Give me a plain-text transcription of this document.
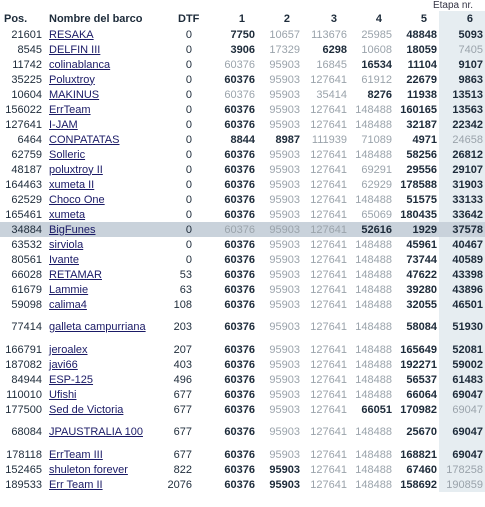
							Etapa nr.	
Pos.	Nombre del barco	DTF	1	2	3	4	5	6
21601	RESAKA	0	7750	10657	113676	25985	48848	5093
8545	DELFIN III	0	3906	17329	6298	10608	18059	7405
11742	colinablanca	0	60376	95903	16845	16534	11104	9107
35225	Poluxtroy	0	60376	95903	127641	61912	22679	9863
10604	MAKINUS	0	60376	95903	35414	8276	11938	13513
156022	ErrTeam	0	60376	95903	127641	148488	160165	13563
127641	I-JAM	0	60376	95903	127641	148488	32187	22342
6464	CONPATATAS	0	8844	8987	111939	71089	4971	24658
62759	Solleric	0	60376	95903	127641	148488	58256	26812
48187	poluxtroy II	0	60376	95903	127641	69291	29556	29107
164463	xumeta II	0	60376	95903	127641	62929	178588	31903
62529	Choco One	0	60376	95903	127641	148488	51575	33133
165461	xumeta	0	60376	95903	127641	65069	180435	33642
34884	BigFunes	0	60376	95903	127641	52616	1929	37578
63532	sirviola	0	60376	95903	127641	148488	45961	40467
80561	Ivante	0	60376	95903	127641	148488	73744	40589
66028	RETAMAR	53	60376	95903	127641	148488	47622	43398
61679	Lammie	63	60376	95903	127641	148488	39280	43896
59098	calima4	108	60376	95903	127641	148488	32055	46501
77414	galleta campurriana	203	60376	95903	127641	148488	58084	51930
166791	jeroalex	207	60376	95903	127641	148488	165649	52081
187082	javi66	403	60376	95903	127641	148488	192271	59002
84944	ESP-125	496	60376	95903	127641	148488	56537	61483
110010	Ufishi	677	60376	95903	127641	148488	66064	69047
177500	Sed de Victoria	677	60376	95903	127641	66051	170982	69047
68084	JPAUSTRALIA 100	677	60376	95903	127641	148488	25670	69047
178118	ErrTeam III	677	60376	95903	127641	148488	168821	69047
152465	shuleton forever	822	60376	95903	127641	148488	67460	178258
189533	Err Team II	2076	60376	95903	127641	148488	158692	190859
